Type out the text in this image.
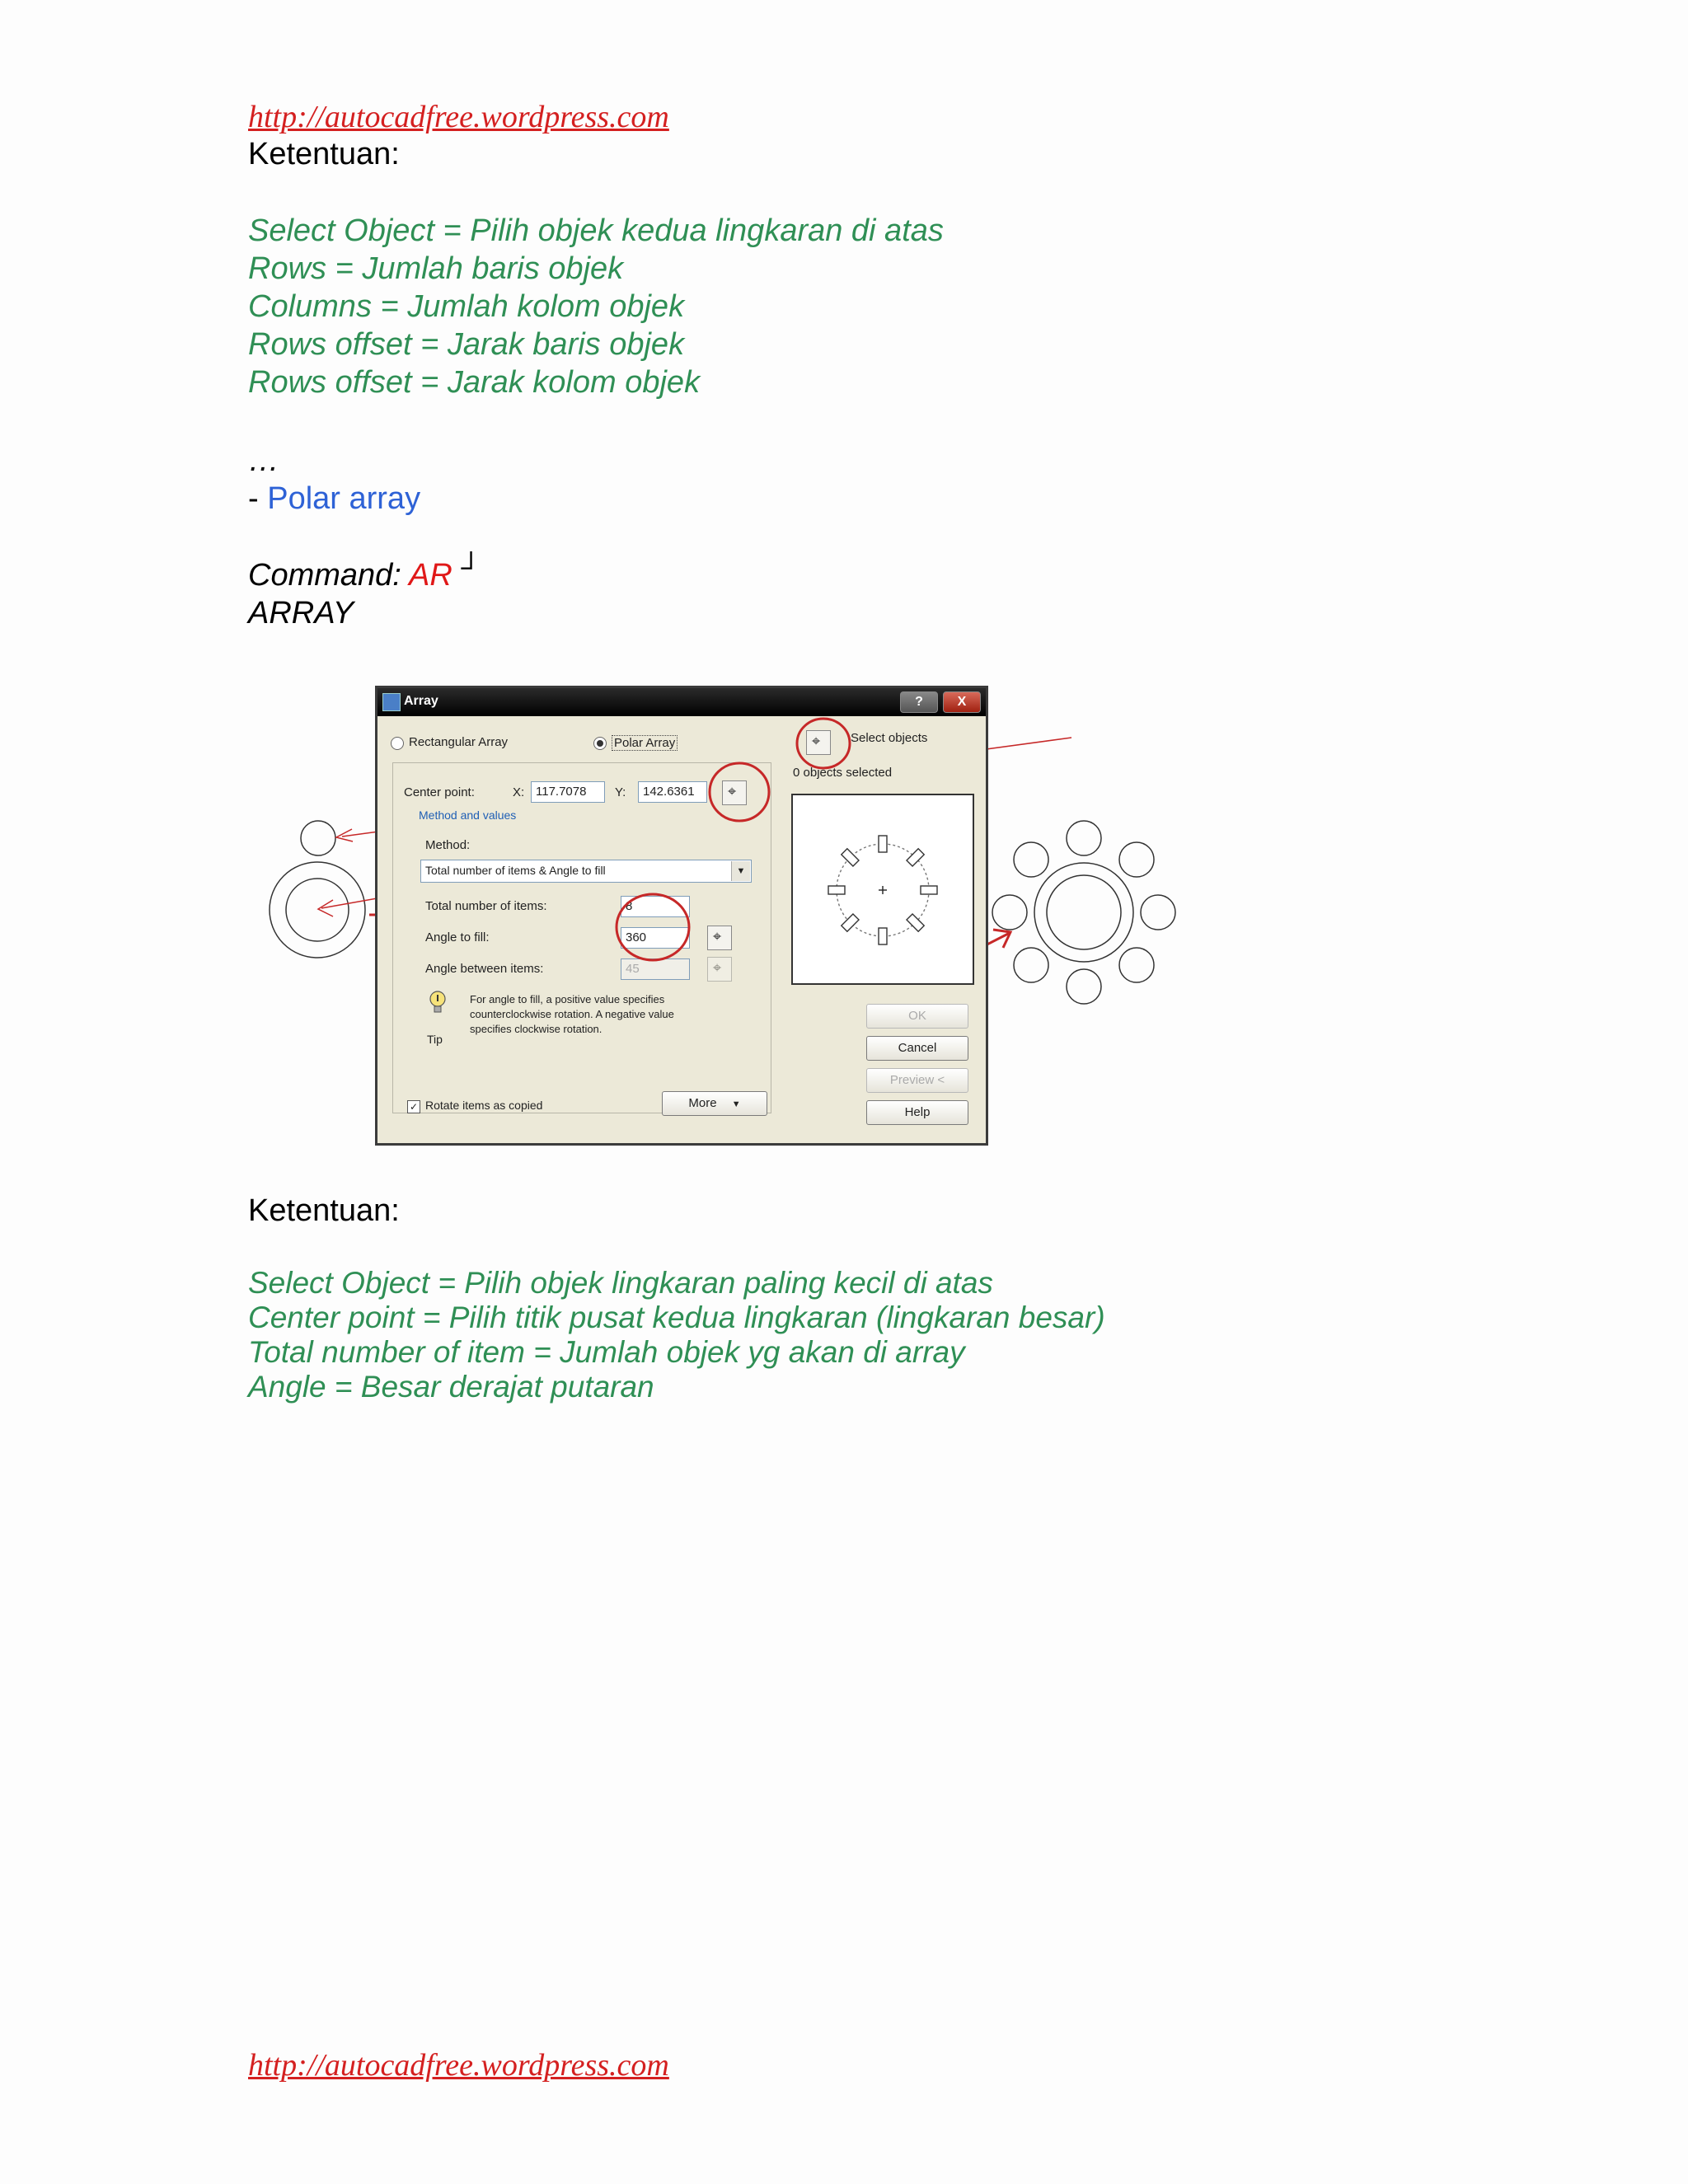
http://autocadfree.wordpress.com
Ketentuan:
Select Object = Pilih objek kedua lingkaran di atas
Rows = Jumlah baris objek
Columns = Jumlah kolom objek
Rows offset = Jarak baris objek
Rows offset = Jarak kolom objek
…
- Polar array
Command: AR ┘
ARRAY
Array	?	X
Rectangular Array	Polar Array ⌖	Select objects
0 objects selected
Center point:	X: 117.7078	Y:	142.6361
⌖
Method and values
Method:
Total number of items & Angle to fill	▼
Total number of items:	8
Angle to fill:	360
⌖
Angle between items:	45
⌖
Tip
For angle to fill, a positive value specifies
counterclockwise rotation. A negative value
specifies clockwise rotation.
✓ Rotate items as copied	More ▼
OK
Cancel
Preview <
Help
Ketentuan:
Select Object = Pilih objek lingkaran paling kecil di atas
Center point = Pilih titik pusat kedua lingkaran (lingkaran besar)
Total number of item = Jumlah objek yg akan di array
Angle = Besar derajat putaran
http://autocadfree.wordpress.com
